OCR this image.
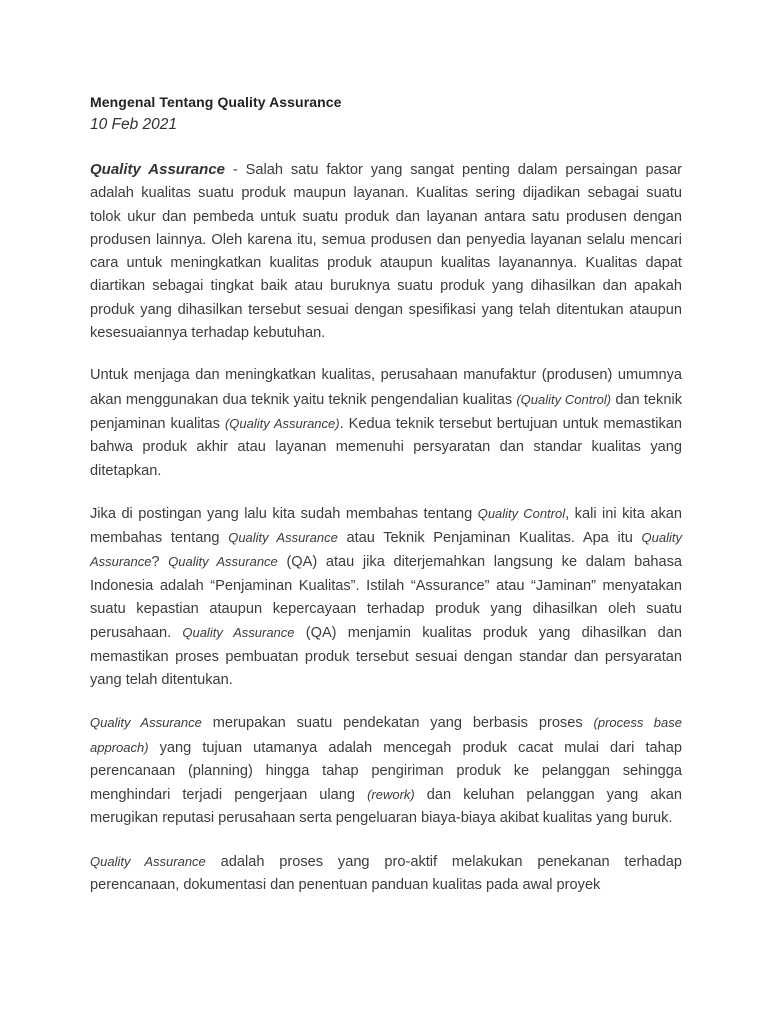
Mengenal Tentang Quality Assurance
10 Feb 2021

Quality Assurance - Salah satu faktor yang sangat penting dalam persaingan pasar adalah kualitas suatu produk maupun layanan. Kualitas sering dijadikan sebagai suatu tolok ukur dan pembeda untuk suatu produk dan layanan antara satu produsen dengan produsen lainnya. Oleh karena itu, semua produsen dan penyedia layanan selalu mencari cara untuk meningkatkan kualitas produk ataupun kualitas layanannya. Kualitas dapat diartikan sebagai tingkat baik atau buruknya suatu produk yang dihasilkan dan apakah produk yang dihasilkan tersebut sesuai dengan spesifikasi yang telah ditentukan ataupun kesesuaiannya terhadap kebutuhan.

Untuk menjaga dan meningkatkan kualitas, perusahaan manufaktur (produsen) umumnya akan menggunakan dua teknik yaitu teknik pengendalian kualitas (Quality Control) dan teknik penjaminan kualitas (Quality Assurance). Kedua teknik tersebut bertujuan untuk memastikan bahwa produk akhir atau layanan memenuhi persyaratan dan standar kualitas yang ditetapkan.

Jika di postingan yang lalu kita sudah membahas tentang Quality Control, kali ini kita akan membahas tentang Quality Assurance atau Teknik Penjaminan Kualitas. Apa itu Quality Assurance? Quality Assurance (QA) atau jika diterjemahkan langsung ke dalam bahasa Indonesia adalah “Penjaminan Kualitas”. Istilah “Assurance” atau “Jaminan” menyatakan suatu kepastian ataupun kepercayaan terhadap produk yang dihasilkan oleh suatu perusahaan. Quality Assurance (QA) menjamin kualitas produk yang dihasilkan dan memastikan proses pembuatan produk tersebut sesuai dengan standar dan persyaratan yang telah ditentukan.

Quality Assurance merupakan suatu pendekatan yang berbasis proses (process base approach) yang tujuan utamanya adalah mencegah produk cacat mulai dari tahap perencanaan (planning) hingga tahap pengiriman produk ke pelanggan sehingga menghindari terjadi pengerjaan ulang (rework) dan keluhan pelanggan yang akan merugikan reputasi perusahaan serta pengeluaran biaya-biaya akibat kualitas yang buruk.

Quality Assurance adalah proses yang pro-aktif melakukan penekanan terhadap perencanaan, dokumentasi dan penentuan panduan kualitas pada awal proyek
